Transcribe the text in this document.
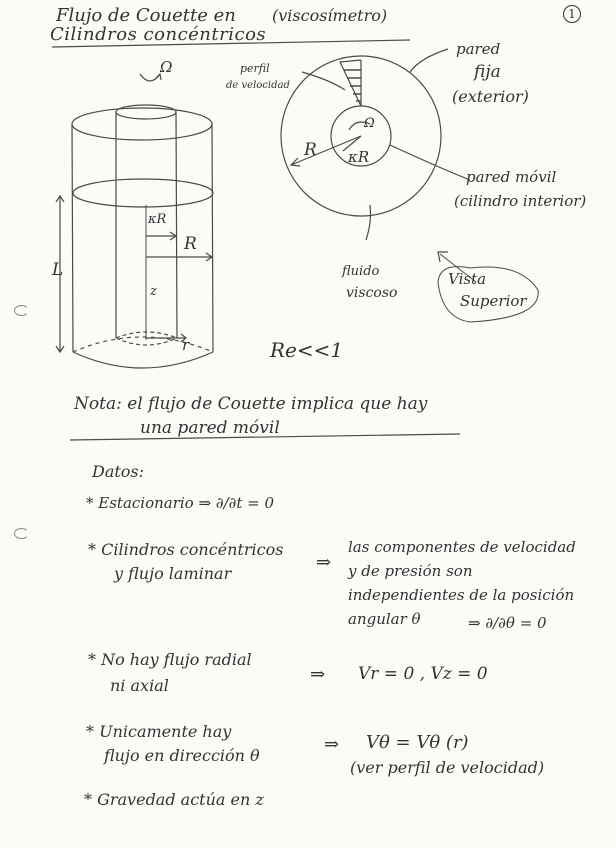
Flujo de Couette en
Cilindros concéntricos
(viscosímetro)	1
Ω
κR
R
L
z
r
perfil
de velocidad
pared
fija
(exterior)
Ω
R κR
pared móvil
(cilindro interior)
fluido
viscoso
Vista
Superior
Re<<1
Nota: el flujo de Couette implica que hay
una pared móvil
Datos:
* Estacionario ⇒ ∂/∂t = 0
* Cilindros concéntricos
y flujo laminar
⇒
las componentes de velocidad
y de presión son
independientes de la posición
angular θ	⇒ ∂/∂θ = 0
* No hay flujo radial
ni axial
⇒ Vr = 0 , Vz = 0
* Unicamente hay
flujo en dirección θ
⇒ Vθ = Vθ (r)
(ver perfil de velocidad)
* Gravedad actúa en z
